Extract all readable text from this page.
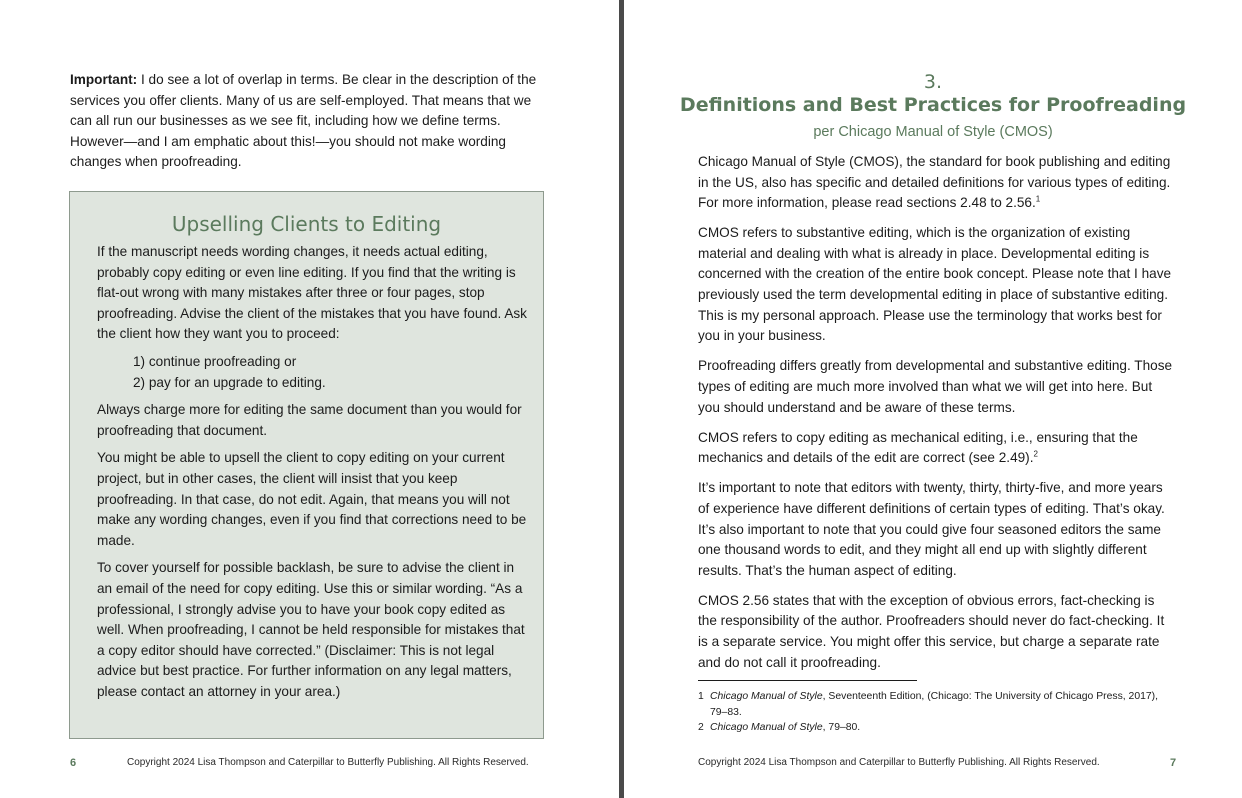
Important: I do see a lot of overlap in terms. Be clear in the description of the services you offer clients. Many of us are self-employed. That means that we can all run our businesses as we see fit, including how we define terms. However—and I am emphatic about this!—you should not make wording changes when proofreading.

Upselling Clients to Editing

If the manuscript needs wording changes, it needs actual editing, probably copy editing or even line editing. If you find that the writing is flat-out wrong with many mistakes after three or four pages, stop proofreading. Advise the client of the mistakes that you have found. Ask the client how they want you to proceed:

1) continue proofreading or
2) pay for an upgrade to editing.

Always charge more for editing the same document than you would for proofreading that document.

You might be able to upsell the client to copy editing on your current project, but in other cases, the client will insist that you keep proofreading. In that case, do not edit. Again, that means you will not make any wording changes, even if you find that corrections need to be made.

To cover yourself for possible backlash, be sure to advise the client in an email of the need for copy editing. Use this or similar wording. “As a professional, I strongly advise you to have your book copy edited as well. When proofreading, I cannot be held responsible for mistakes that a copy editor should have corrected.” (Disclaimer: This is not legal advice but best practice. For further information on any legal matters, please contact an attorney in your area.)

6	Copyright 2024 Lisa Thompson and Caterpillar to Butterfly Publishing. All Rights Reserved.
3.
Definitions and Best Practices for Proofreading
per Chicago Manual of Style (CMOS)

Chicago Manual of Style (CMOS), the standard for book publishing and editing in the US, also has specific and detailed definitions for various types of editing. For more information, please read sections 2.48 to 2.56.$^1$

CMOS refers to substantive editing, which is the organization of existing material and dealing with what is already in place. Developmental editing is concerned with the creation of the entire book concept. Please note that I have previously used the term developmental editing in place of substantive editing. This is my personal approach. Please use the terminology that works best for you in your business.

Proofreading differs greatly from developmental and substantive editing. Those types of editing are much more involved than what we will get into here. But you should understand and be aware of these terms.

CMOS refers to copy editing as mechanical editing, i.e., ensuring that the mechanics and details of the edit are correct (see 2.49).$^2$

It’s important to note that editors with twenty, thirty, thirty-five, and more years of experience have different definitions of certain types of editing. That’s okay. It’s also important to note that you could give four seasoned editors the same one thousand words to edit, and they might all end up with slightly different results. That’s the human aspect of editing.

CMOS 2.56 states that with the exception of obvious errors, fact-checking is the responsibility of the author. Proofreaders should never do fact-checking. It is a separate service. You might offer this service, but charge a separate rate and do not call it proofreading.

1 Chicago Manual of Style, Seventeenth Edition, (Chicago: The University of Chicago Press, 2017), 79–83.
2 Chicago Manual of Style, 79–80.
Copyright 2024 Lisa Thompson and Caterpillar to Butterfly Publishing. All Rights Reserved.	7
